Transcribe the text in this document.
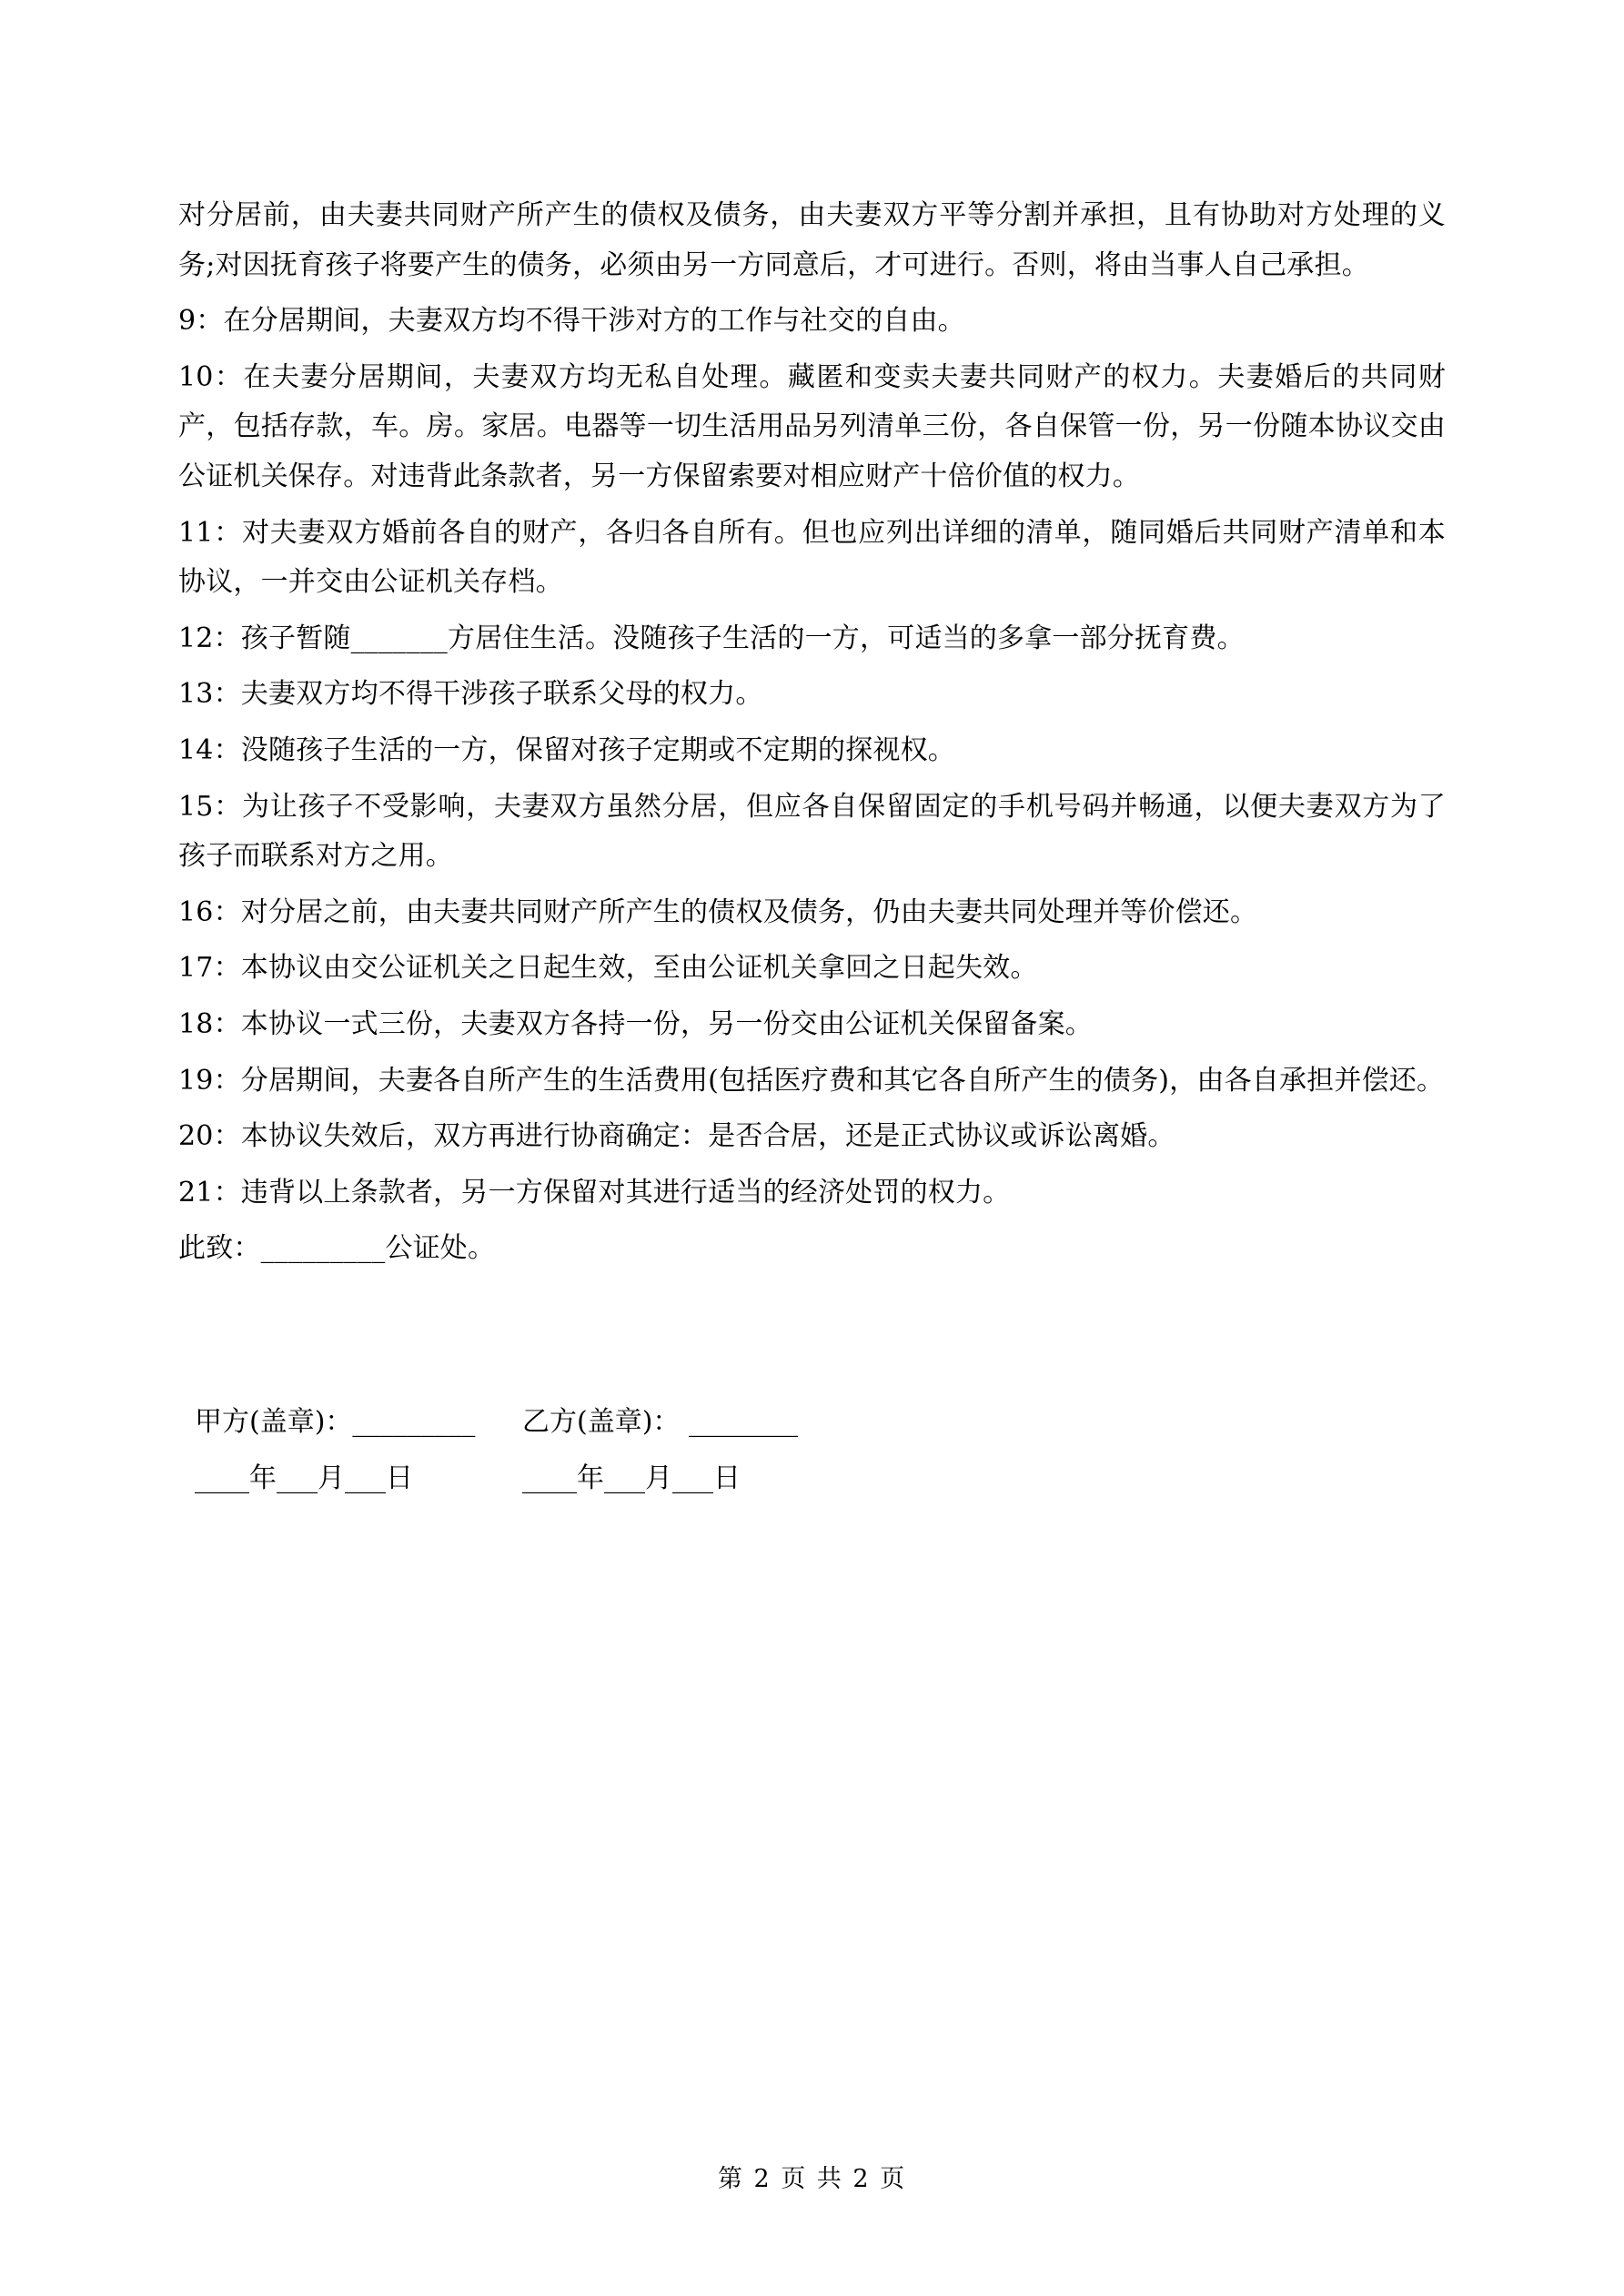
对分居前，由夫妻共同财产所产生的债权及债务，由夫妻双方平等分割并承担，且有协助对方处理的义务;对因抚育孩子将要产生的债务，必须由另一方同意后，才可进行。否则，将由当事人自己承担。

9：在分居期间，夫妻双方均不得干涉对方的工作与社交的自由。

10：在夫妻分居期间，夫妻双方均无私自处理。藏匿和变卖夫妻共同财产的权力。夫妻婚后的共同财产，包括存款，车。房。家居。电器等一切生活用品另列清单三份，各自保管一份，另一份随本协议交由公证机关保存。对违背此条款者，另一方保留索要对相应财产十倍价值的权力。

11：对夫妻双方婚前各自的财产，各归各自所有。但也应列出详细的清单，随同婚后共同财产清单和本协议，一并交由公证机关存档。

12：孩子暂随_______方居住生活。没随孩子生活的一方，可适当的多拿一部分抚育费。

13：夫妻双方均不得干涉孩子联系父母的权力。

14：没随孩子生活的一方，保留对孩子定期或不定期的探视权。

15：为让孩子不受影响，夫妻双方虽然分居，但应各自保留固定的手机号码并畅通，以便夫妻双方为了孩子而联系对方之用。

16：对分居之前，由夫妻共同财产所产生的债权及债务，仍由夫妻共同处理并等价偿还。

17：本协议由交公证机关之日起生效，至由公证机关拿回之日起失效。

18：本协议一式三份，夫妻双方各持一份，另一份交由公证机关保留备案。

19：分居期间，夫妻各自所产生的生活费用(包括医疗费和其它各自所产生的债务)，由各自承担并偿还。

20：本协议失效后，双方再进行协商确定：是否合居，还是正式协议或诉讼离婚。

21：违背以上条款者，另一方保留对其进行适当的经济处罚的权力。

此致：_________公证处。

甲方(盖章)：_________	乙方(盖章)： ________
____年___月___日	____年___月___日
第 2 页 共 2 页
